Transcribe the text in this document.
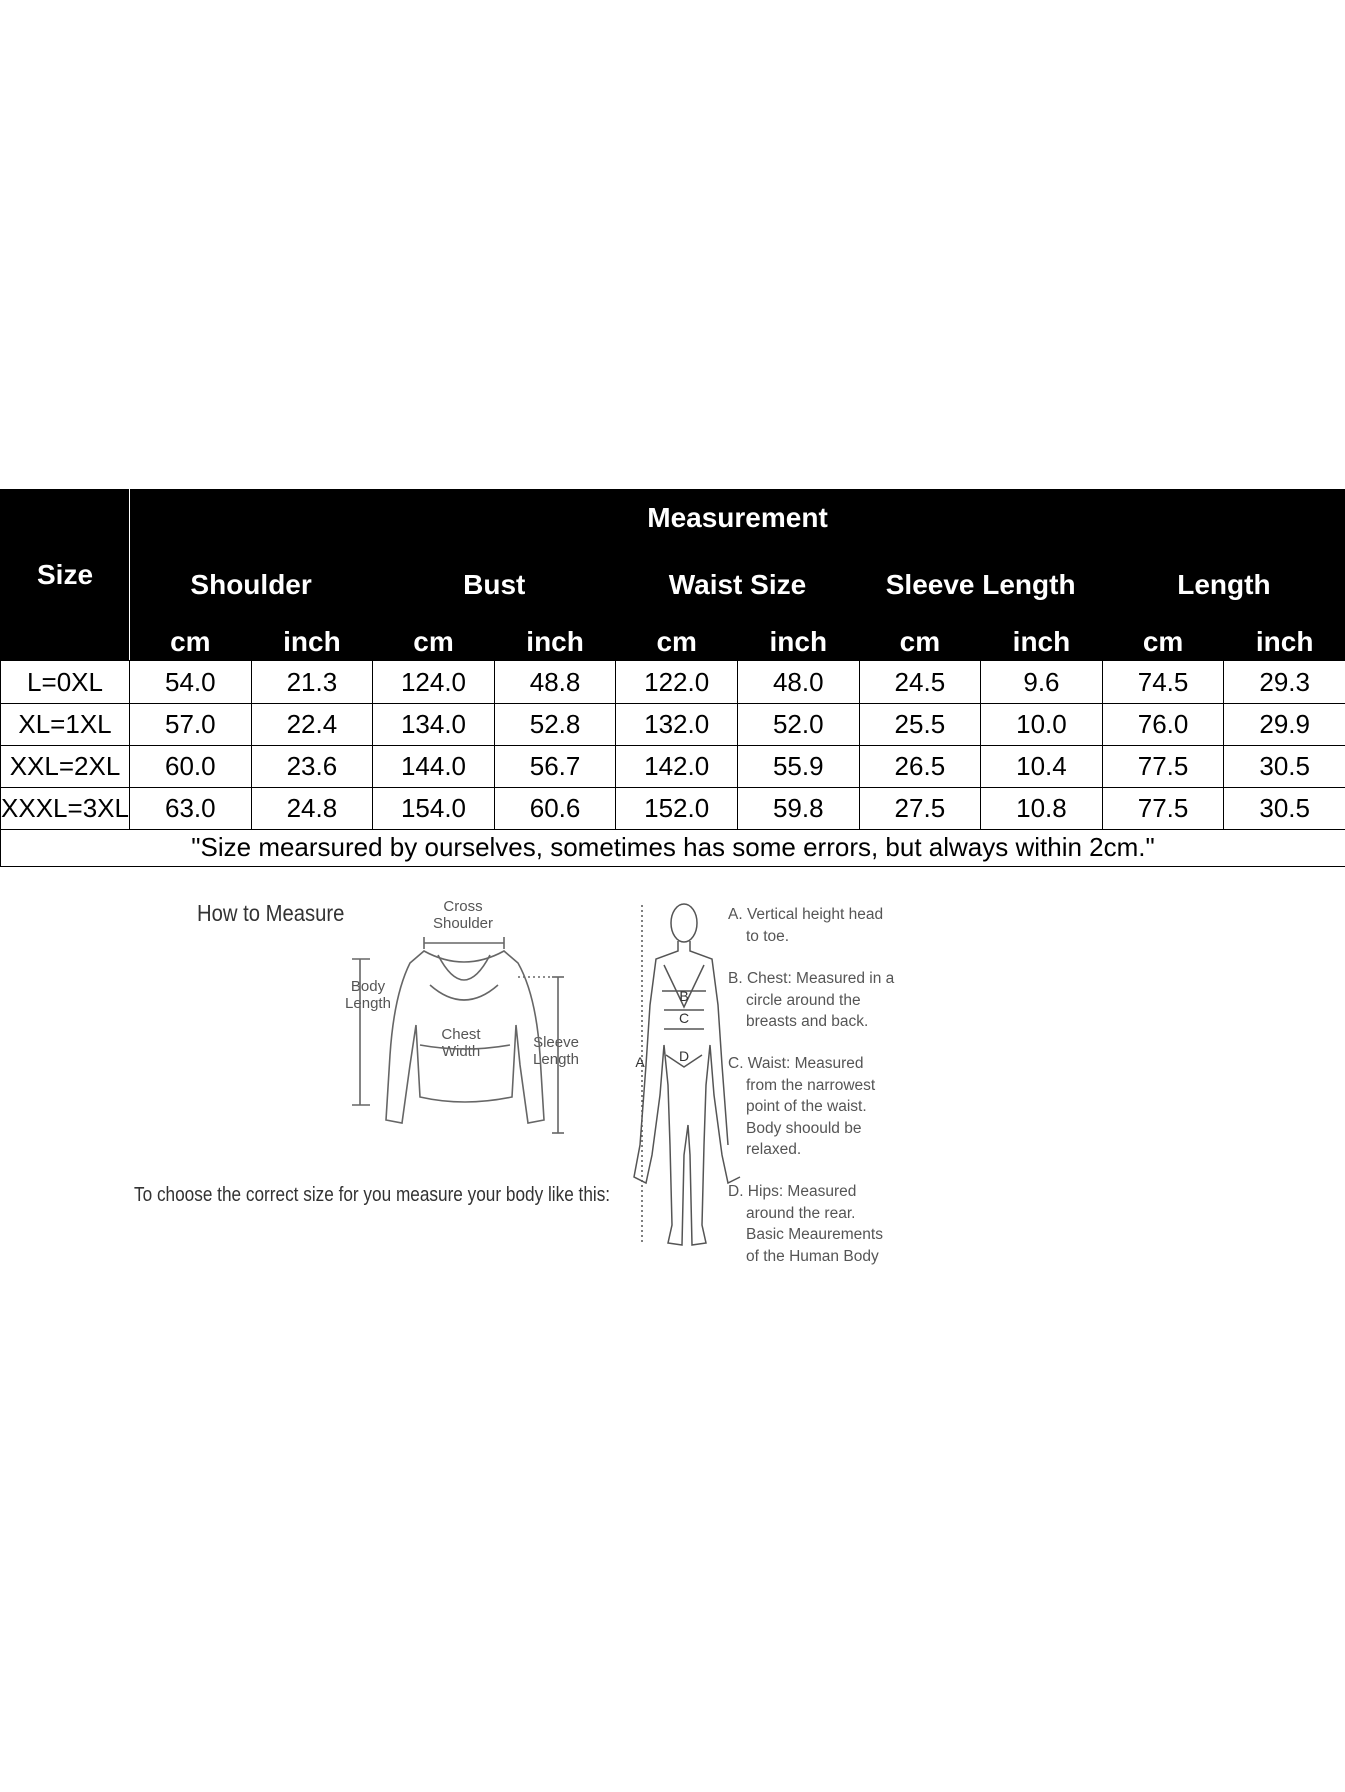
Size	Measurement									
	Shoulder		Bust		Waist Size		Sleeve Length		Length	
	cm	inch	cm	inch	cm	inch	cm	inch	cm	inch
L=0XL	54.0	21.3	124.0	48.8	122.0	48.0	24.5	9.6	74.5	29.3
XL=1XL	57.0	22.4	134.0	52.8	132.0	52.0	25.5	10.0	76.0	29.9
XXL=2XL	60.0	23.6	144.0	56.7	142.0	55.9	26.5	10.4	77.5	30.5
XXXL=3XL	63.0	24.8	154.0	60.6	152.0	59.8	27.5	10.8	77.5	30.5
"Size mearsured by ourselves, sometimes has some errors, but always within 2cm."										
How to Measure	Cross
Shoulder
Body
Length
Chest
Width
Sleeve
Length
To choose the correct size for you measure your body like this:
B
C
D
A
A. Vertical height head
to toe.
B. Chest: Measured in a
circle around the
breasts and back.
C. Waist: Measured
from the narrowest
point of the waist.
Body shoould be
relaxed.
D. Hips: Measured
around the rear.
Basic Meaurements
of the Human Body
